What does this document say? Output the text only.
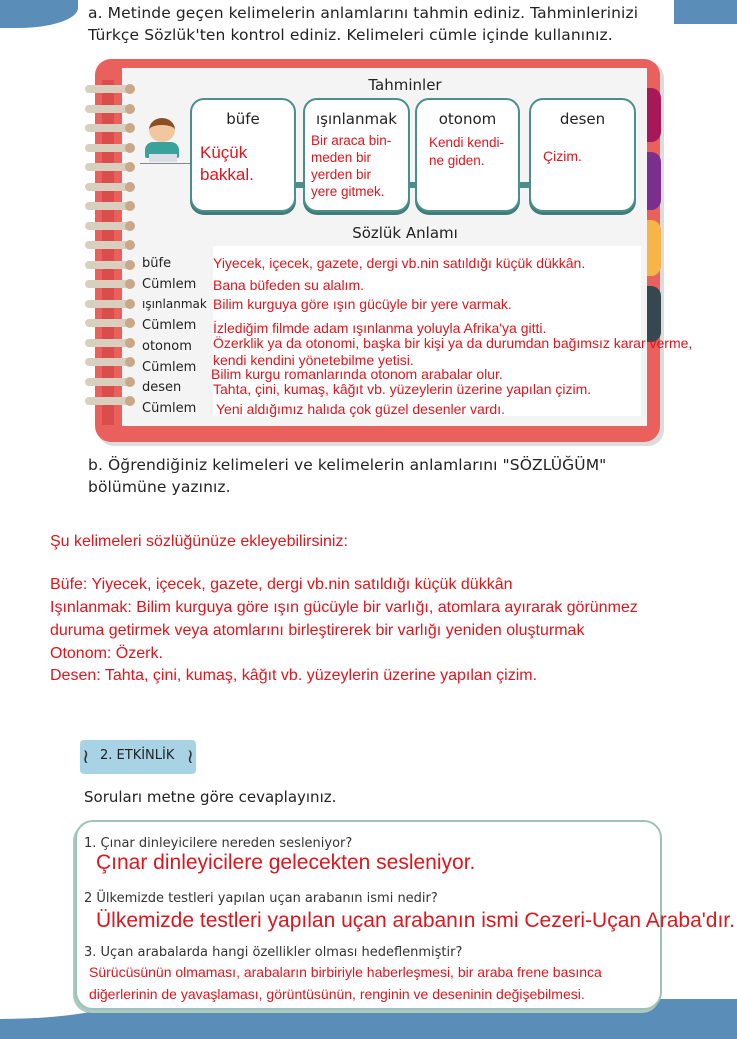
a. Metinde geçen kelimelerin anlamlarını tahmin ediniz. Tahminlerinizi Türkçe Sözlük'ten kontrol ediniz. Kelimeleri cümle içinde kullanınız.

Tahminler
büfe
Küçük
bakkal.
ışınlanmak
Bir araca bin-
meden bir
yerden bir
yere gitmek.
otonom
Kendi kendi-
ne giden.
desen
Çizim.
Sözlük Anlamı
büfe	Yiyecek, içecek, gazete, dergi vb.nin satıldığı küçük dükkân.
Cümlem Bana büfeden su alalım.
ışınlanmak Bilim kurguya göre ışın gücüyle bir yere varmak.
Cümlem İzlediğim filmde adam ışınlanma yoluyla Afrika'ya gitti.
otonom Özerklik ya da otonomi, başka bir kişi ya da durumdan bağımsız karar verme,
kendi kendini yönetebilme yetisi.
Cümlem Bilim kurgu romanlarında otonom arabalar olur.
desen Tahta, çini, kumaş, kâğıt vb. yüzeylerin üzerine yapılan çizim.
Cümlem Yeni aldığımız halıda çok güzel desenler vardı.

b. Öğrendiğiniz kelimeleri ve kelimelerin anlamlarını "SÖZLÜĞÜM" bölümüne yazınız.

Şu kelimeleri sözlüğünüze ekleyebilirsiniz:
Büfe: Yiyecek, içecek, gazete, dergi vb.nin satıldığı küçük dükkân
Işınlanmak: Bilim kurguya göre ışın gücüyle bir varlığı, atomlara ayırarak görünmez
duruma getirmek veya atomlarını birleştirerek bir varlığı yeniden oluşturmak
Otonom: Özerk.
Desen: Tahta, çini, kumaş, kâğıt vb. yüzeylerin üzerine yapılan çizim.
≀ 2. ETKİNLİK ≀
Soruları metne göre cevaplayınız.
1. Çınar dinleyicilere nereden sesleniyor?
Çınar dinleyicilere gelecekten sesleniyor.
2 Ülkemizde testleri yapılan uçan arabanın ismi nedir?
Ülkemizde testleri yapılan uçan arabanın ismi Cezeri-Uçan Araba'dır.
3. Uçan arabalarda hangi özellikler olması hedeflenmiştir?
Sürücüsünün olmaması, arabaların birbiriyle haberleşmesi, bir araba frene basınca
diğerlerinin de yavaşlaması, görüntüsünün, renginin ve deseninin değişebilmesi.
